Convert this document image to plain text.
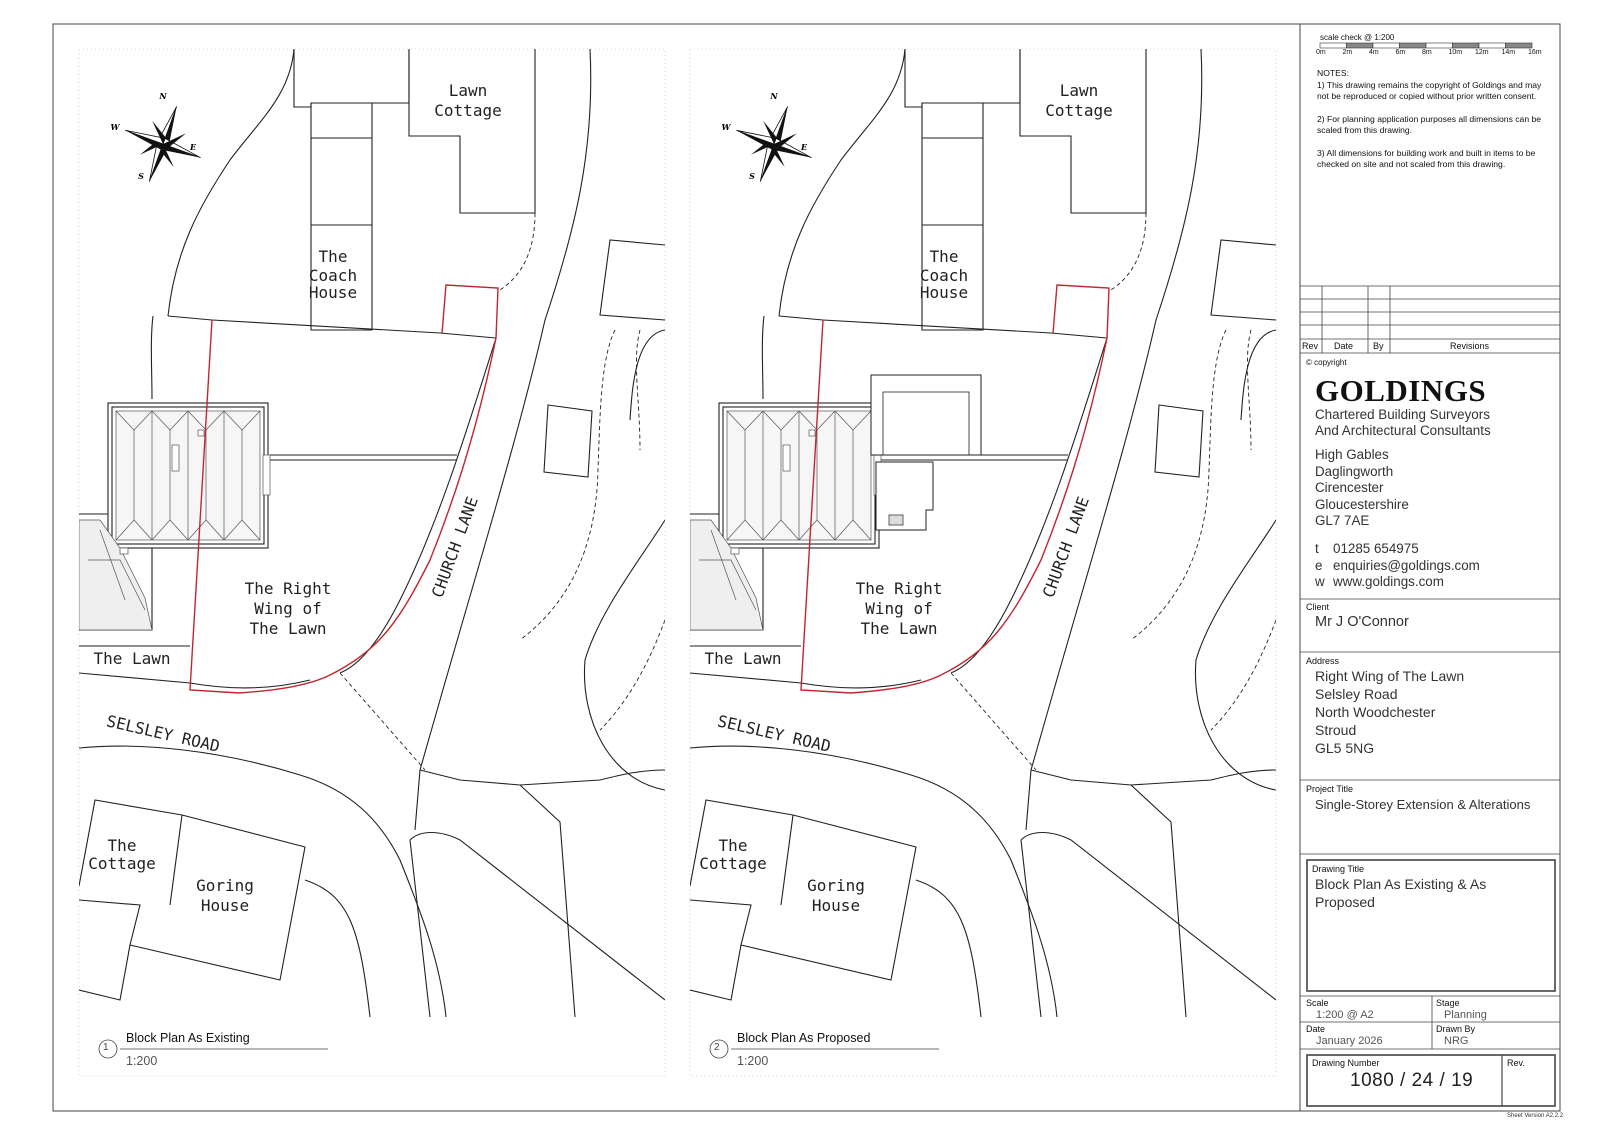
Lawn
Cottage
The
Coach
House
The Right
Wing of
The Lawn
The Lawn
CHURCH LANE
SELSLEY ROAD
The
Cottage
Goring
House
Lawn
Cottage
The
Coach
House
The Right
Wing of
The Lawn
The Lawn
CHURCH LANE
SELSLEY ROAD
The
Cottage
Goring
House
N
S
E
W
N
S
E
W
scale check @ 1:200
0m 2m 4m 6m 8m 10m 12m 14m 16m
NOTES:

1) This drawing remains the copyright of Goldings and may not be reproduced or copied without prior written consent.

2) For planning application purposes all dimensions can be scaled from this drawing.

3) All dimensions for building work and built in items to be checked on site and not scaled from this drawing.

Rev Date By	Revisions
© copyright
GOLDINGS
Chartered Building Surveyors
And Architectural Consultants
High Gables
Daglingworth
Cirencester
Gloucestershire
GL7 7AE
t 01285 654975
e enquiries@goldings.com
w www.goldings.com
Client
Mr J O'Connor
Address
Right Wing of The Lawn
Selsley Road
North Woodchester
Stroud
GL5 5NG
Project Title
Single-Storey Extension & Alterations
Drawing Title
Block Plan As Existing & As
Proposed
Scale
1:200 @ A2
Stage
Planning
Date
January 2026
Drawn By
NRG
Drawing Number
1080 / 24 / 19
Rev.
Sheet Version A2.2.2
1
Block Plan As Existing
1:200
2
Block Plan As Proposed
1:200
